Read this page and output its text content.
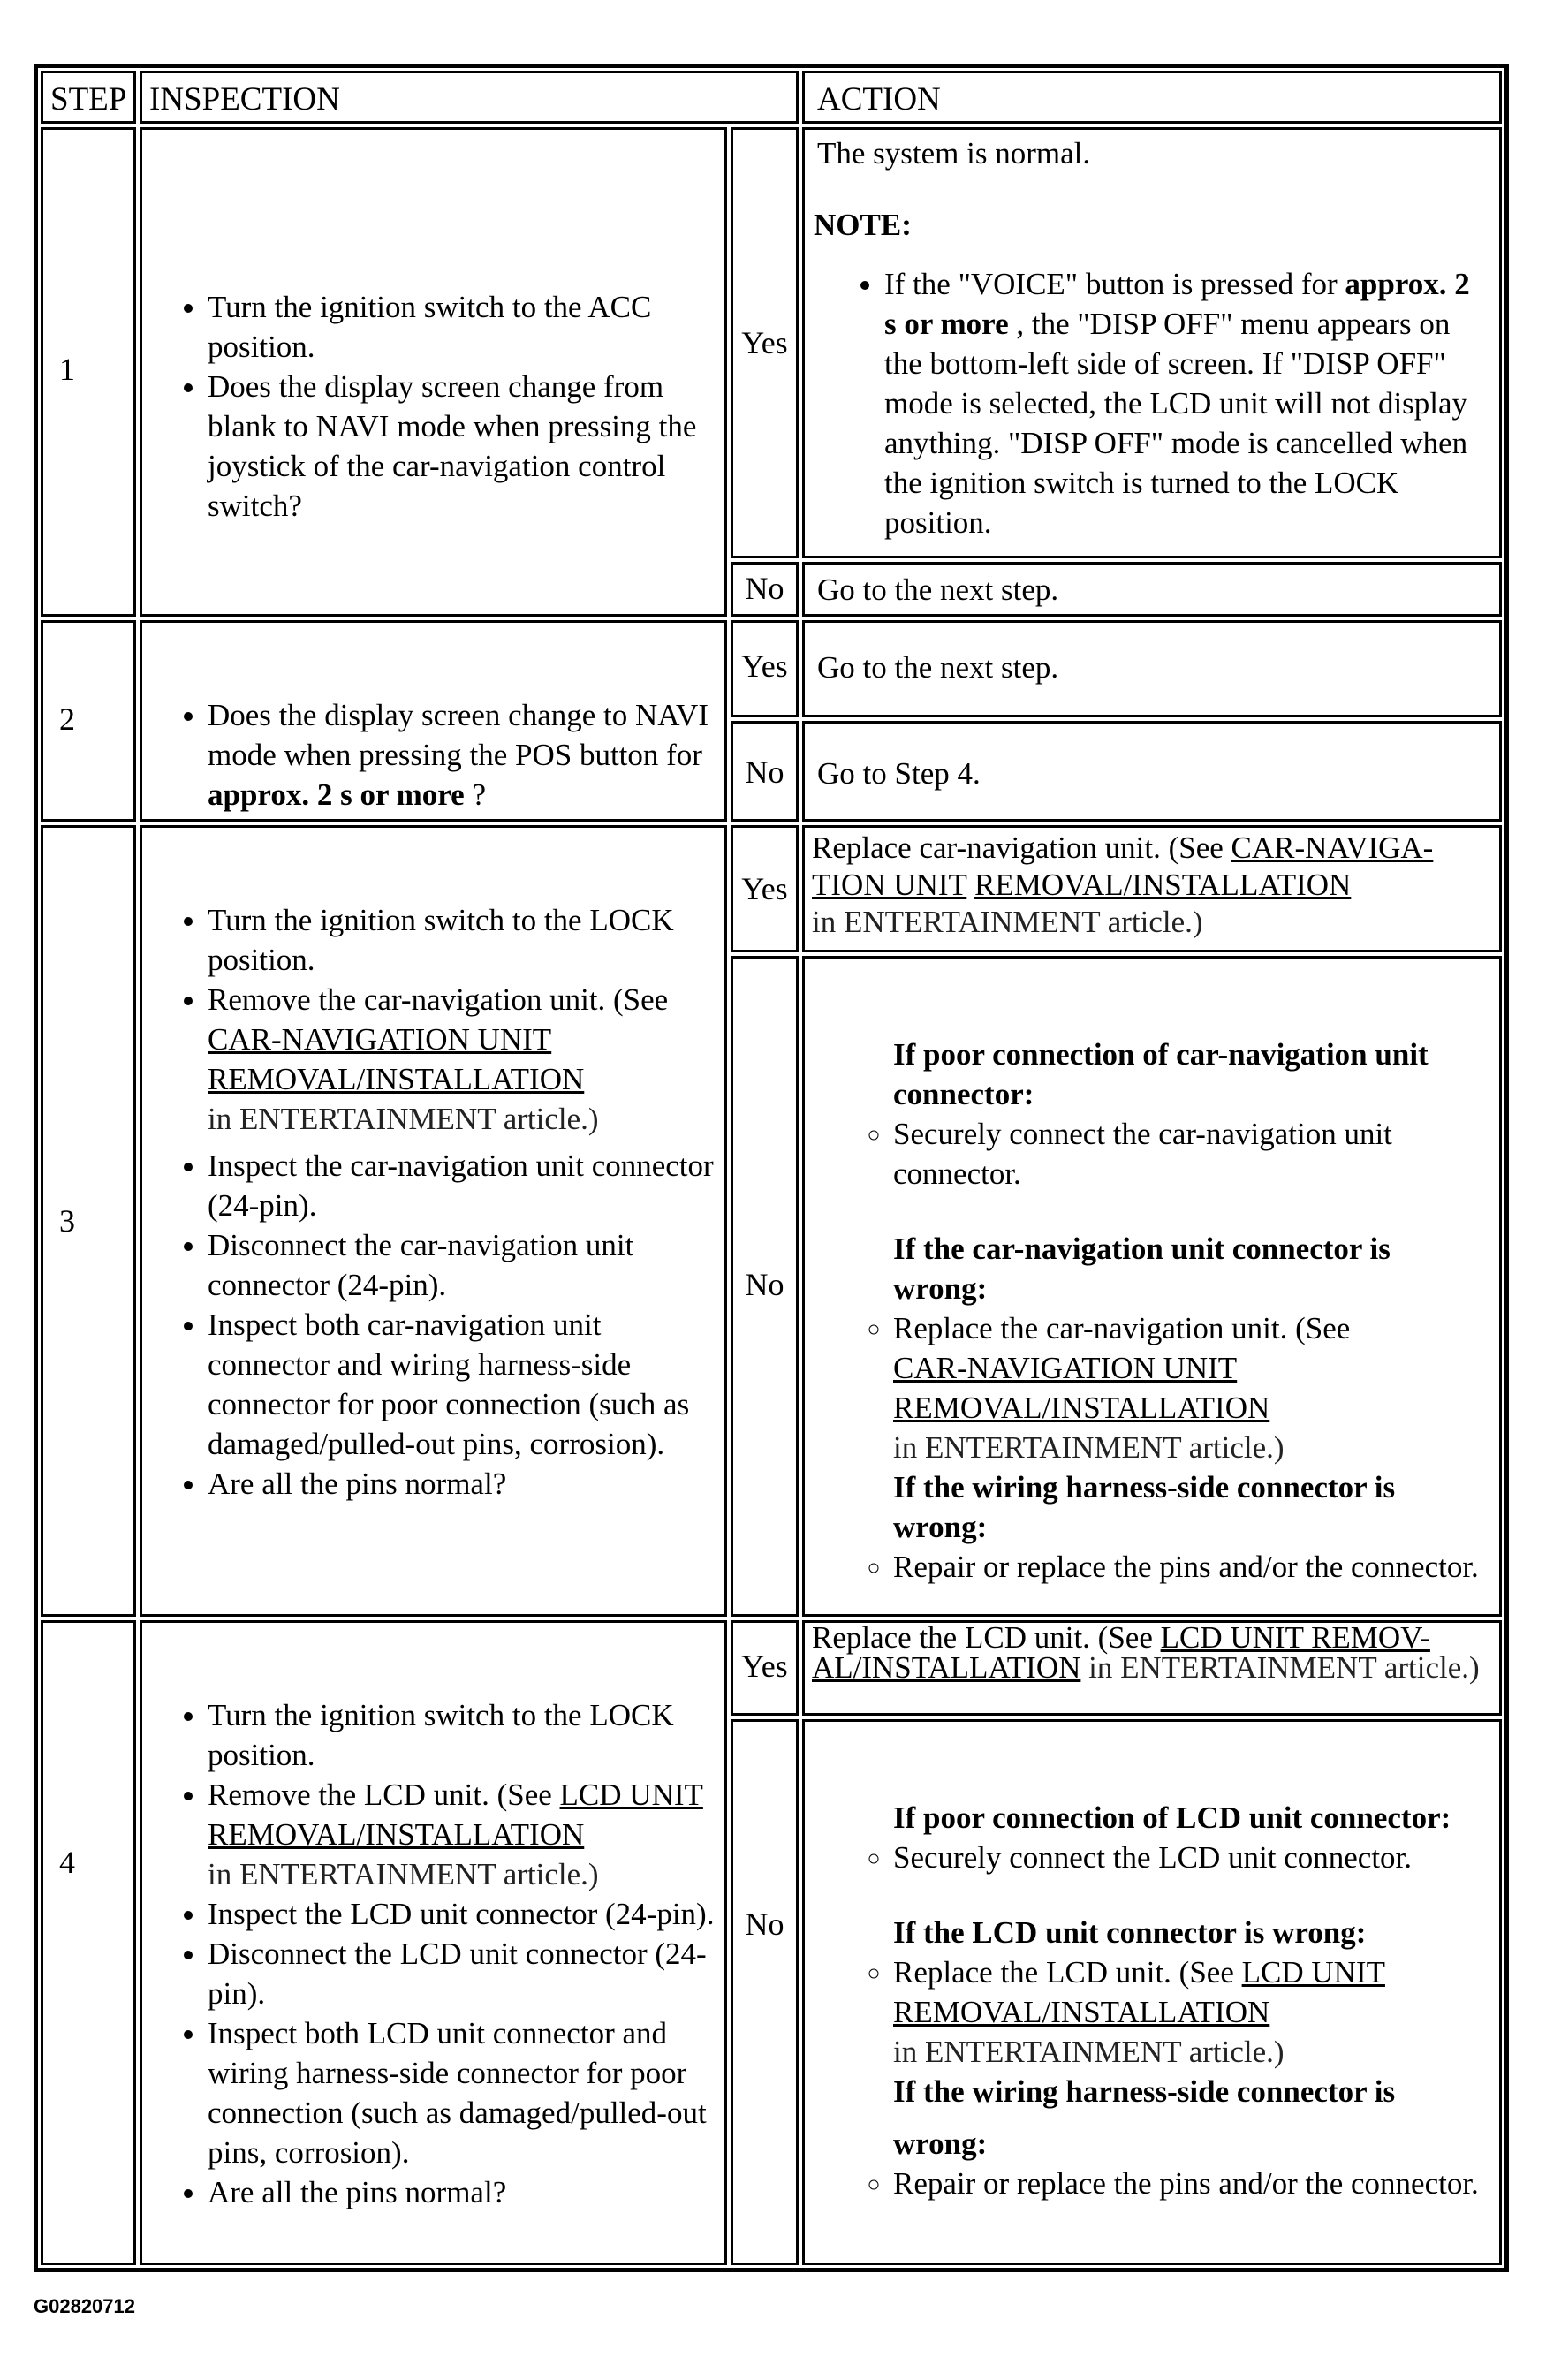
STEP INSPECTION	ACTION
1
• Turn the ignition switch to the ACC position.
• Does the display screen change from blank to NAVI mode when pressing the joystick of the car-navigation control switch?
Yes
The system is normal.
NOTE:
• If the "VOICE" button is pressed for approx. 2 s or more , the "DISP OFF" menu appears on the bottom-left side of screen. If "DISP OFF" mode is selected, the LCD unit will not display anything. "DISP OFF" mode is cancelled when the ignition switch is turned to the LOCK position.
No	Go to the next step.
2
•	Does the display screen change to NAVI mode when pressing the POS button for approx. 2 s or more ?
Yes Go to the next step.
No	Go to Step 4.
3
• Turn the ignition switch to the LOCK position.
• Remove the car-navigation unit. (See CAR-NAVIGATION UNIT REMOVAL/INSTALLATION
in ENTERTAINMENT article.)
• Inspect the car-navigation unit connector (24-pin).
• Disconnect the car-navigation unit connector (24-pin).
• Inspect both car-navigation unit connector and wiring harness-side connector for poor connection (such as damaged/pulled-out pins, corrosion).
• Are all the pins normal?
Yes
Replace car-navigation unit. (See CAR-NAVIGA-TION UNIT REMOVAL/INSTALLATION
in ENTERTAINMENT article.)
No
If poor connection of car-navigation unit connector:
◦ Securely connect the car-navigation unit connector.
If the car-navigation unit connector is wrong:
◦ Replace the car-navigation unit. (See
CAR-NAVIGATION UNIT REMOVAL/INSTALLATION
in ENTERTAINMENT article.)
If the wiring harness-side connector is wrong:
◦ Repair or replace the pins and/or the connector.
4
• Turn the ignition switch to the LOCK position.
• Remove the LCD unit. (See LCD UNIT REMOVAL/INSTALLATION
in ENTERTAINMENT article.)
• Inspect the LCD unit connector (24-pin).
• Disconnect the LCD unit connector (24-pin).
• Inspect both LCD unit connector and wiring harness-side connector for poor connection (such as damaged/pulled-out pins, corrosion).
• Are all the pins normal?
Yes
Replace the LCD unit. (See LCD UNIT REMOV-AL/INSTALLATION in ENTERTAINMENT article.)
No
If poor connection of LCD unit connector:
◦ Securely connect the LCD unit connector.
If the LCD unit connector is wrong:
◦ Replace the LCD unit. (See LCD UNIT
REMOVAL/INSTALLATION
in ENTERTAINMENT article.)
If the wiring harness-side connector is
wrong:
◦ Repair or replace the pins and/or the connector.
G02820712
